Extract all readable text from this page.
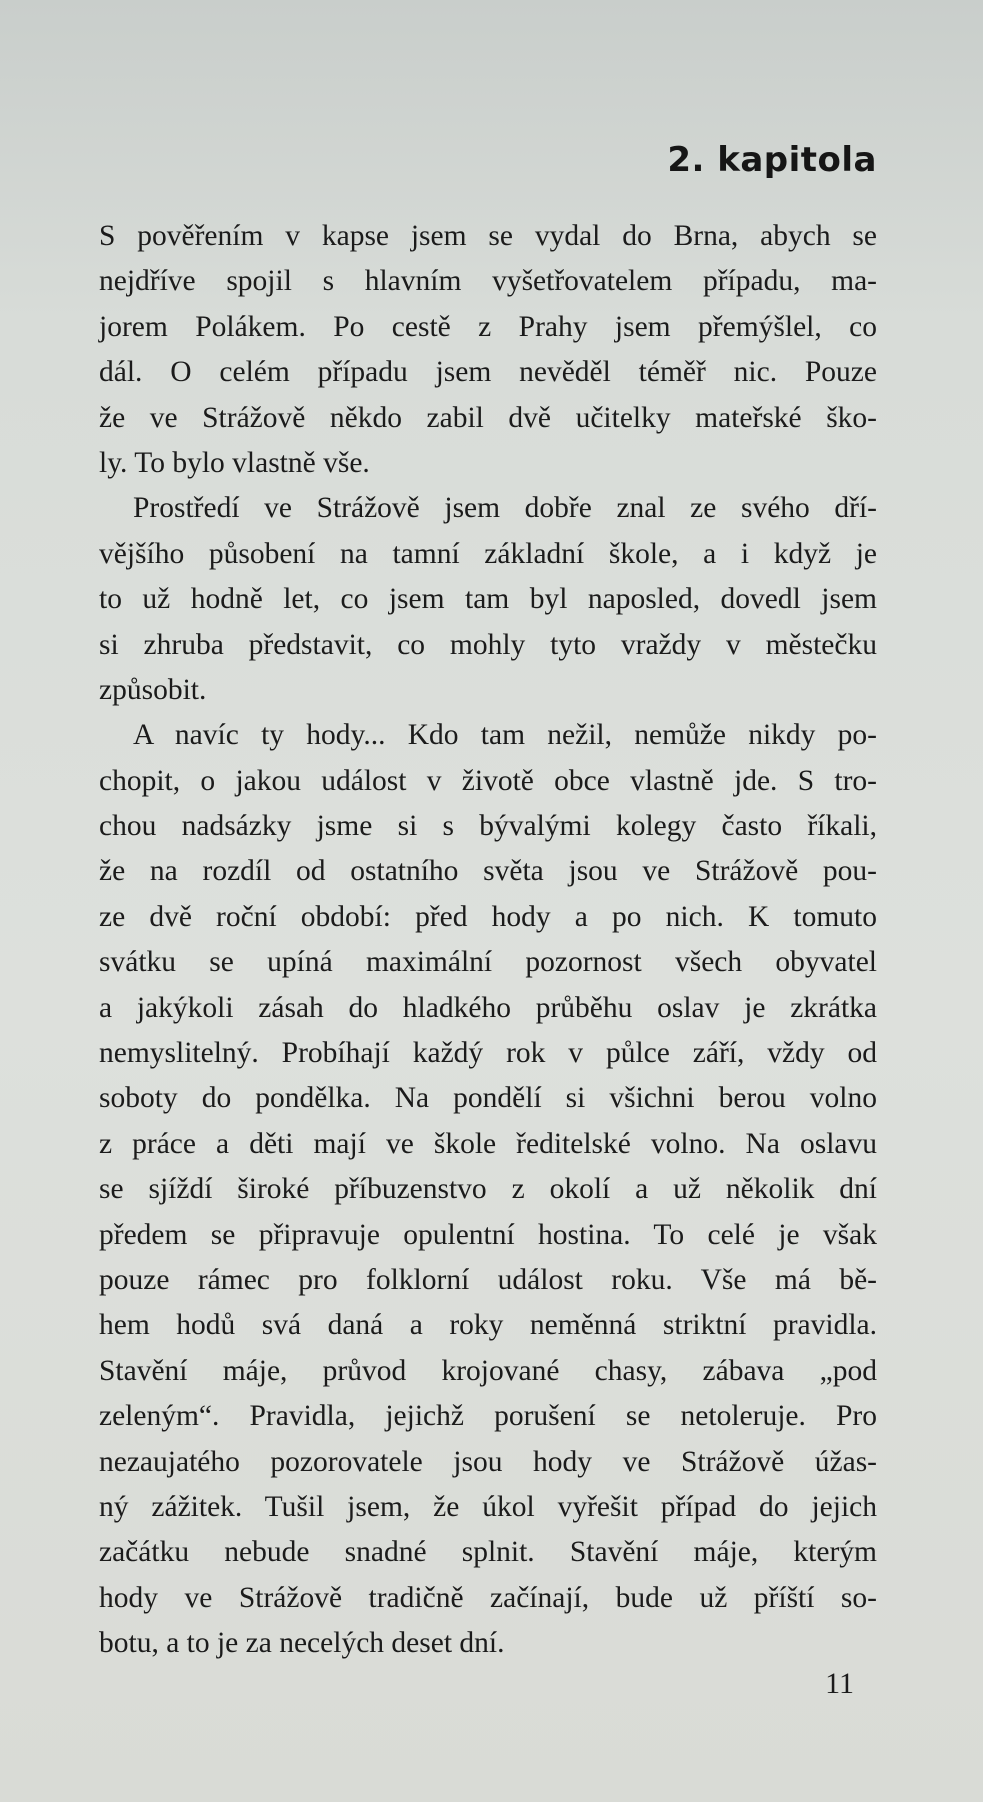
2. kapitola
S pověřením v kapse jsem se vydal do Brna, abych se
nejdříve spojil s hlavním vyšetřovatelem případu, ma-
jorem Polákem. Po cestě z Prahy jsem přemýšlel, co
dál. O celém případu jsem nevěděl téměř nic. Pouze
že ve Strážově někdo zabil dvě učitelky mateřské ško-
ly. To bylo vlastně vše.
Prostředí ve Strážově jsem dobře znal ze svého dří-
vějšího působení na tamní základní škole, a i když je
to už hodně let, co jsem tam byl naposled, dovedl jsem
si zhruba představit, co mohly tyto vraždy v městečku
způsobit.
A navíc ty hody... Kdo tam nežil, nemůže nikdy po-
chopit, o jakou událost v životě obce vlastně jde. S tro-
chou nadsázky jsme si s bývalými kolegy často říkali,
že na rozdíl od ostatního světa jsou ve Strážově pou-
ze dvě roční období: před hody a po nich. K tomuto
svátku se upíná maximální pozornost všech obyvatel
a jakýkoli zásah do hladkého průběhu oslav je zkrátka
nemyslitelný. Probíhají každý rok v půlce září, vždy od
soboty do pondělka. Na pondělí si všichni berou volno
z práce a děti mají ve škole ředitelské volno. Na oslavu
se sjíždí široké příbuzenstvo z okolí a už několik dní
předem se připravuje opulentní hostina. To celé je však
pouze rámec pro folklorní událost roku. Vše má bě-
hem hodů svá daná a roky neměnná striktní pravidla.
Stavění máje, průvod krojované chasy, zábava „pod
zeleným“. Pravidla, jejichž porušení se netoleruje. Pro
nezaujatého pozorovatele jsou hody ve Strážově úžas-
ný zážitek. Tušil jsem, že úkol vyřešit případ do jejich
začátku nebude snadné splnit. Stavění máje, kterým
hody ve Strážově tradičně začínají, bude už příští so-
botu, a to je za necelých deset dní.

11
